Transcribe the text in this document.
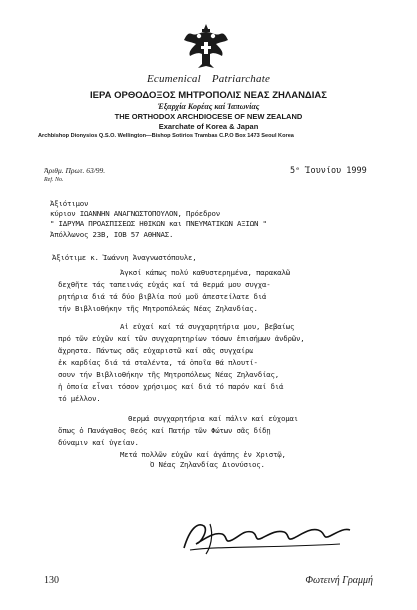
Ecumenical Patriarchate
ΙΕΡΑ ΟΡΘΟΔΟΞΟΣ ΜΗΤΡΟΠΟΛΙΣ ΝΕΑΣ ΖΗΛΑΝΔΙΑΣ
Ἐξαρχία Κορέας καί Ἰαπωνίας
THE ORTHODOX ARCHDIOCESE OF NEW ZEALAND
Exarchate of Korea & Japan
Archbishop Dionysios Q.S.O. Wellington—Bishop Sotirios Trambas C.P.O Box 1473 Seoul Korea
Ἀριθμ. Πρωτ. 63/99.
Ref. No.
5ᵉ Ἰουνίου 1999
Ἀξιότιμον
κύριον ΙΩΑΝΝΗΝ ΑΝΑΓΝΩΣΤΟΠΟΥΛΟΝ, Πρόεδρον
" ΙΔΡΥΜΑ ΠΡΟΑΣΠΙΣΕΩΣ ΗΘΙΚΩΝ και ΠΝΕΥΜΑΤΙΚΩΝ ΑΞΙΩΝ "
Ἀπόλλωνος 23Β, ΙΟΒ 57 ΑΘΗΝΑΣ.
Ἀξιότιμε κ. Ἰωάννη Ἀναγνωστόπουλε,
Ἀγκσί κάπως πολύ καθυστερημένα, παρακαλῶ
δεχθῆτε τάς ταπεινάς εὐχάς καί τά θερμά μου συγχα-
ρητήρια διά τά δύο βιβλία πού μοῦ ἀπεστείλατε διά
τήν Βιβλιοθήκην τῆς Μητροπόλεώς Νέας Ζηλανδίας.
Αἱ εὐχαί καί τά συγχαρητήρια μου, βεβαίως
πρό τῶν εὐχῶν καί τῶν συγχαρητηρίων τόσων ἐπισήμων ἀνδρῶν,
ἄχρηστα. Πάντως σᾶς εὐχαριστῶ καί σᾶς συγχαίρω
ἐκ καρδίας διά τά σταλέντα, τά ὁποῖα θά πλουτί-
σουν τήν Βιβλιοθήκην τῆς Μητροπόλεως Νέας Ζηλανδίας,
ἡ ὁποία εἶναι τόσον χρήσιμος καί διά τό παρόν καί διά
τό μέλλον.
Θερμά συγχαρητήρια καί πάλιν καί εὐχομαι
ὅπως ὁ Πανάγαθος Θεός καί Πατήρ τῶν Φώτων σᾶς δίδῃ
δύναμιν καί ὑγείαν.
Μετά πολλῶν εὐχῶν καί ἀγάπης ἐν Χριστῷ,
Ὁ Νέας Ζηλανδίας Διονύσιος.
130	Φωτεινή Γραμμή
